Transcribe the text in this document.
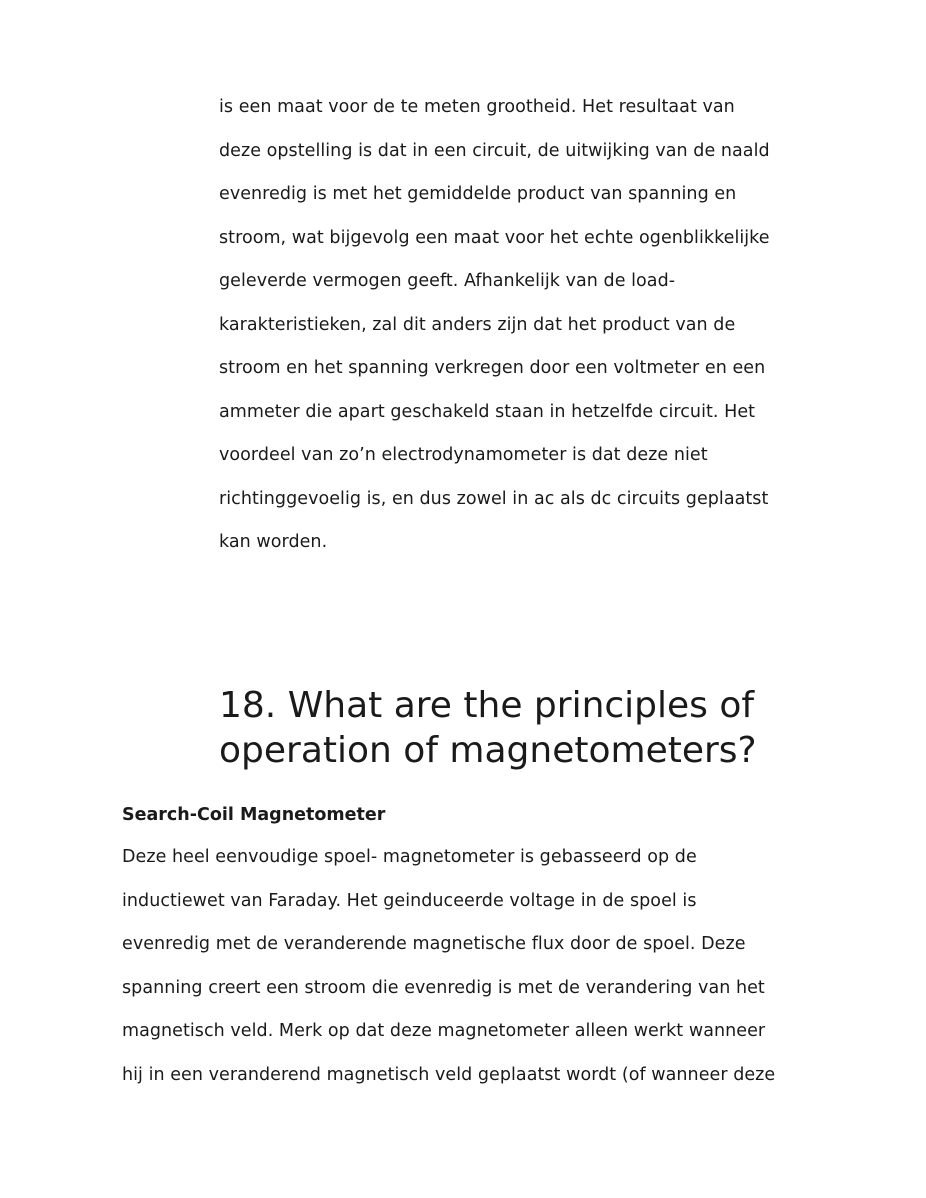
is een maat voor de te meten grootheid. Het resultaat van
deze opstelling is dat in een circuit, de uitwijking van de naald
evenredig is met het gemiddelde product van spanning en
stroom, wat bijgevolg een maat voor het echte ogenblikkelijke
geleverde vermogen geeft. Afhankelijk van de load-
karakteristieken, zal dit anders zijn dat het product van de
stroom en het spanning verkregen door een voltmeter en een
ammeter die apart geschakeld staan in hetzelfde circuit. Het
voordeel van zo’n electrodynamometer is dat deze niet
richtinggevoelig is, en dus zowel in ac als dc circuits geplaatst
kan worden.
18. What are the principles of
operation of magnetometers?
Search-Coil Magnetometer
Deze heel eenvoudige spoel- magnetometer is gebasseerd op de
inductiewet van Faraday. Het geinduceerde voltage in de spoel is
evenredig met de veranderende magnetische flux door de spoel. Deze
spanning creert een stroom die evenredig is met de verandering van het
magnetisch veld. Merk op dat deze magnetometer alleen werkt wanneer
hij in een veranderend magnetisch veld geplaatst wordt (of wanneer deze
